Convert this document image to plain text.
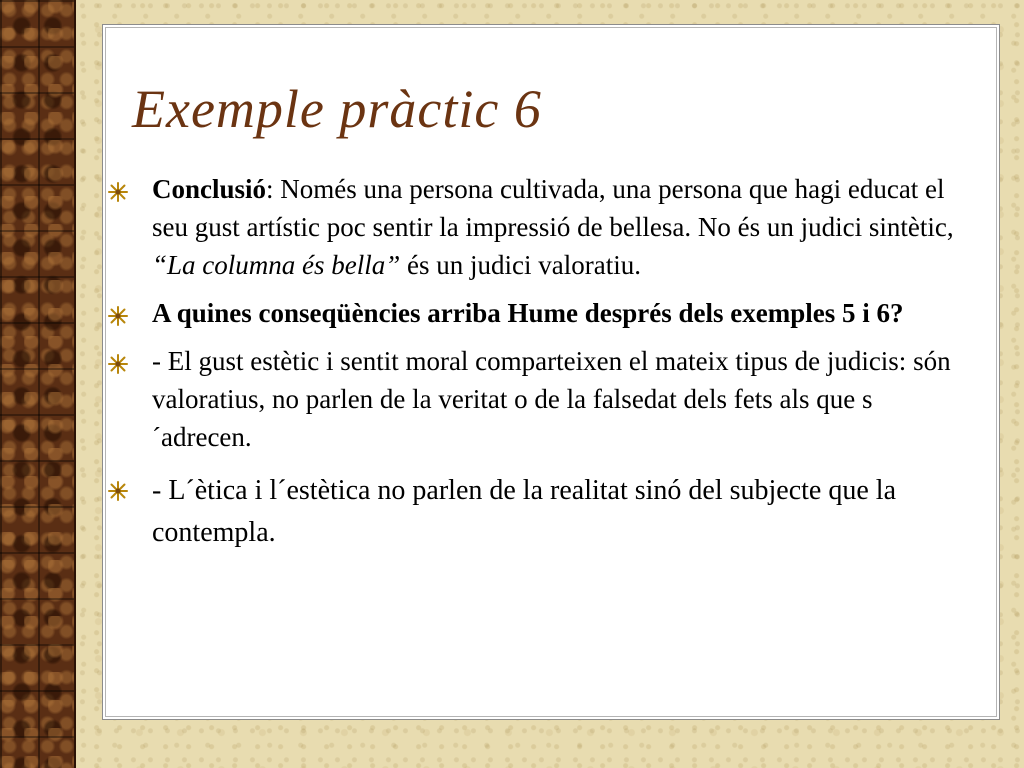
Exemple pràctic 6
Conclusió: Només una persona cultivada, una persona que hagi educat el seu gust artístic poc sentir la impressió de bellesa. No és un judici sintètic, “La columna és bella” és un judici valoratiu.
A quines conseqüències arriba Hume després dels exemples 5 i 6?
- El gust estètic i sentit moral comparteixen el mateix tipus de judicis: són valoratius, no parlen de la veritat o de la falsedat dels fets als que s´adrecen.
- L´ètica i l´estètica no parlen de la realitat sinó del subjecte que la contempla.
